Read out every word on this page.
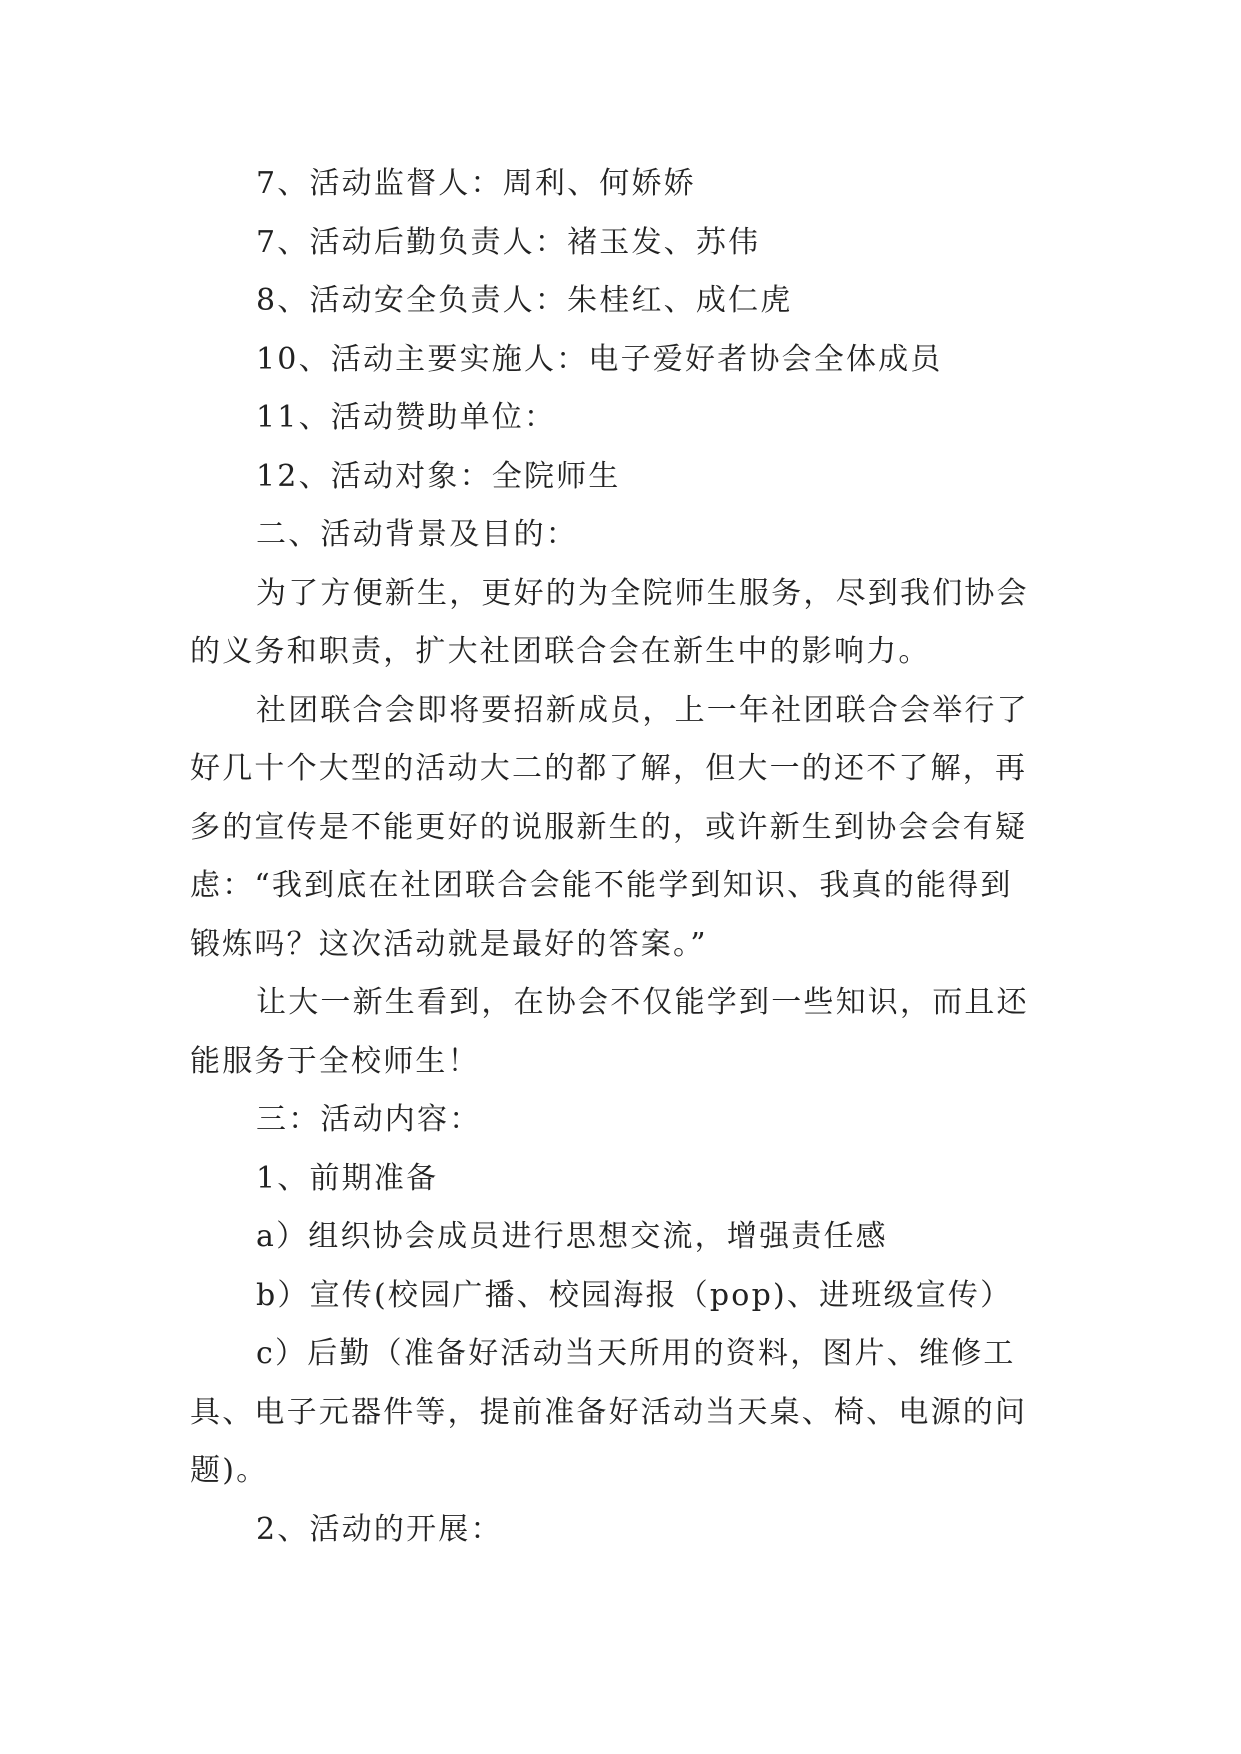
7、活动监督人：周利、何娇娇
7、活动后勤负责人：褚玉发、苏伟
8、活动安全负责人：朱桂红、成仁虎
10、活动主要实施人：电子爱好者协会全体成员
11、活动赞助单位：
12、活动对象：全院师生
二、活动背景及目的：
为了方便新生，更好的为全院师生服务，尽到我们协会
的义务和职责，扩大社团联合会在新生中的影响力。
社团联合会即将要招新成员，上一年社团联合会举行了
好几十个大型的活动大二的都了解，但大一的还不了解，再
多的宣传是不能更好的说服新生的，或许新生到协会会有疑
虑：“我到底在社团联合会能不能学到知识、我真的能得到
锻炼吗？这次活动就是最好的答案。”
让大一新生看到，在协会不仅能学到一些知识，而且还
能服务于全校师生！
三：活动内容：
1、前期准备
a）组织协会成员进行思想交流，增强责任感
b）宣传(校园广播、校园海报（pop)、进班级宣传）
c）后勤（准备好活动当天所用的资料，图片、维修工
具、电子元器件等，提前准备好活动当天桌、椅、电源的问
题)。
2、活动的开展：
